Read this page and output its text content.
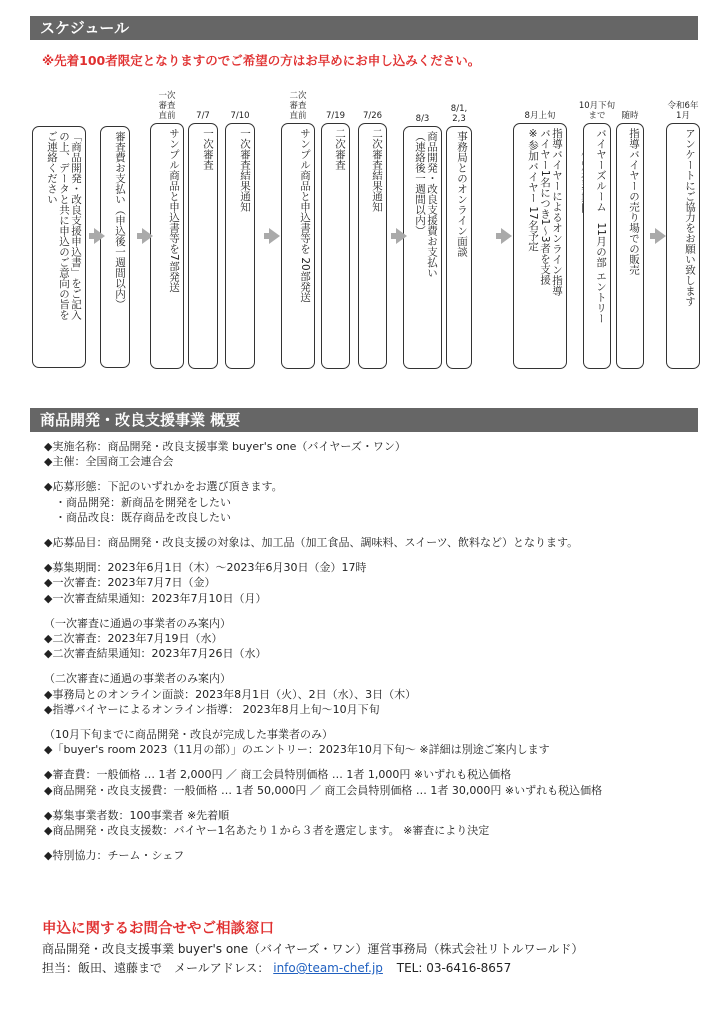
スケジュール
※先着100者限定となりますのでご希望の方はお早めにお申し込みください。
「商品開発・改良支援申込書」をご記入
の上、データと共に申込のご意向の旨を
ご連絡ください	審査費お支払い（申込後一週間以内）
一次
審査
直前
サンプル商品と申込書等を7部発送
7/7
一次審査
7/10
一次審査結果通知
二次
審査
直前
サンプル商品と申込書等を 20部発送
7/19
二次審査
7/26
二次審査結果通知
8/3
商品開発・改良支援費お支払い
（連絡後一週間以内）
8/1,
2,3
事務局とのオンライン面談
8月上旬
指導バイヤーによるオンライン指導
バイヤー1名につき1～3者を支援
※参加バイヤー 17名予定
10月下旬
まで
バイヤーズルーム　11月の部 エントリー
随時
指導バイヤーの売り場での販売
令和6年
1月
アンケートにご協力をお願い致します
商品開発・改良支援事業 概要
◆実施名称：商品開発・改良支援事業 buyer's one（バイヤーズ・ワン）
◆主催：全国商工会連合会
◆応募形態：下記のいずれかをお選び頂きます。
　・商品開発：新商品を開発をしたい
　・商品改良：既存商品を改良したい
◆応募品目：商品開発・改良支援の対象は、加工品（加工食品、調味料、スイーツ、飲料など）となります。
◆募集期間：2023年6月1日（木）～2023年6月30日（金）17時
◆一次審査：2023年7月7日（金）
◆一次審査結果通知：2023年7月10日（月）
（一次審査に通過の事業者のみ案内）
◆二次審査：2023年7月19日（水）
◆二次審査結果通知：2023年7月26日（水）
（二次審査に通過の事業者のみ案内）
◆事務局とのオンライン面談：2023年8月1日（火）、2日（水）、3日（木）
◆指導バイヤーによるオンライン指導： 2023年8月上旬～10月下旬
（10月下旬までに商品開発・改良が完成した事業者のみ）
◆「buyer's room 2023（11月の部）」のエントリー：2023年10月下旬～ ※詳細は別途ご案内します
◆審査費：一般価格 … 1者 2,000円 ／ 商工会員特別価格 … 1者 1,000円 ※いずれも税込価格
◆商品開発・改良支援費：一般価格 … 1者 50,000円 ／ 商工会員特別価格 … 1者 30,000円 ※いずれも税込価格
◆募集事業者数：100事業者 ※先着順
◆商品開発・改良支援数：バイヤー1名あたり１から３者を選定します。 ※審査により決定
◆特別協力：チーム・シェフ
申込に関するお問合せやご相談窓口
商品開発・改良支援事業 buyer's one（バイヤーズ・ワン）運営事務局（株式会社リトルワールド）
担当：飯田、遠藤まで　メールアドレス： info@team-chef.jp TEL: 03-6416-8657
